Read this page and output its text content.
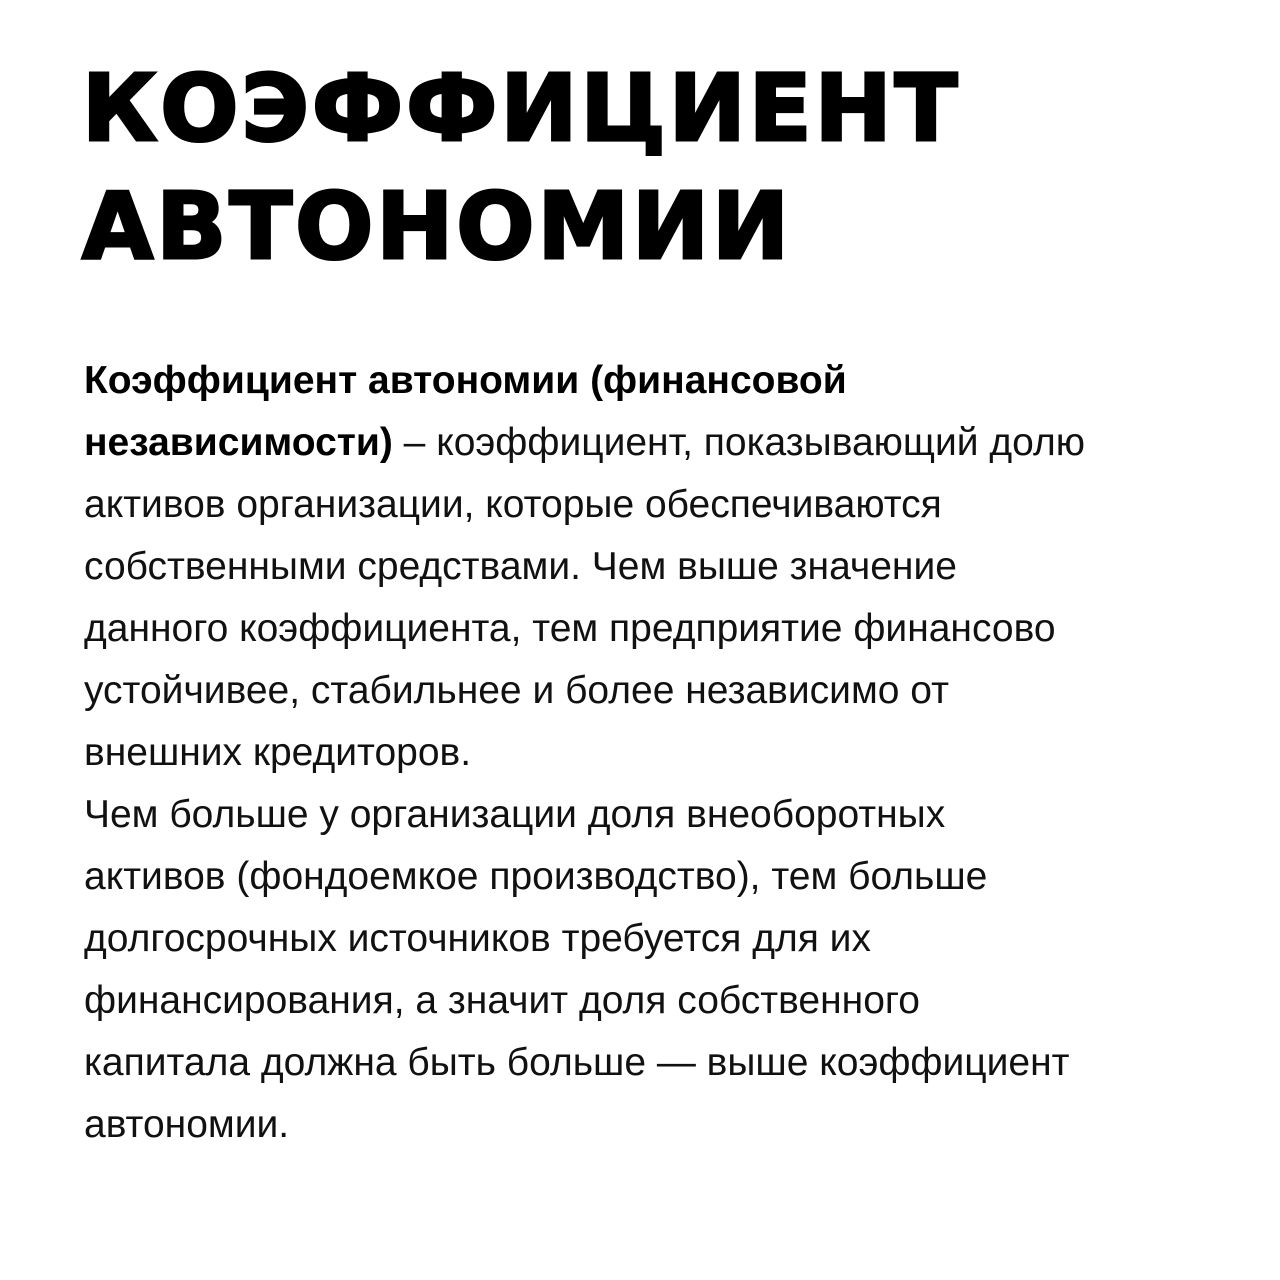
КОЭФФИЦИЕНТ
АВТОНОМИИ

Коэффициент автономии (финансовой
независимости) – коэффициент, показывающий долю
активов организации, которые обеспечиваются
собственными средствами. Чем выше значение
данного коэффициента, тем предприятие финансово
устойчивее, стабильнее и более независимо от
внешних кредиторов.
Чем больше у организации доля внеоборотных
активов (фондоемкое производство), тем больше
долгосрочных источников требуется для их
финансирования, а значит доля собственного
капитала должна быть больше — выше коэффициент
автономии.
